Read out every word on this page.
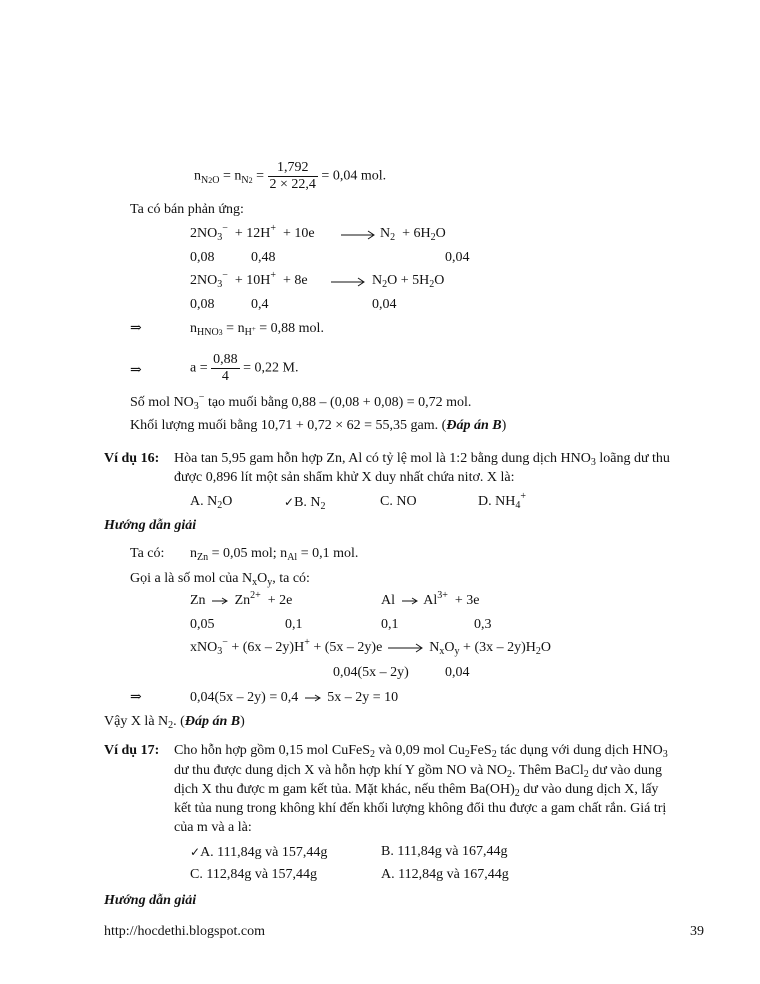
$n_{N2O} = n_{N2} = \frac{1,792}{2 \times 22,4} = 0,04$ mol.
Ta có bán phản ứng:
$2NO_3^- + 12H^+ + 10e \to N_2 + 6H_2O$
0,08	0,48	0,04
$2NO_3^- + 10H^+ + 8e \to N_2O + 5H_2O$
0,08	0,4	0,04
⇒	$n_{HNO3} = n_{H^+} = 0,88$ mol.
⇒	$a = \frac{0,88}{4} = 0,22$ M.
Số mol $NO_3^-$ tạo muối bằng 0,88 – (0,08 + 0,08) = 0,72 mol.
Khối lượng muối bằng 10,71 + 0,72 × 62 = 55,35 gam. (Đáp án B)
Ví dụ 16: Hòa tan 5,95 gam hỗn hợp Zn, Al có tỷ lệ mol là 1:2 bằng dung dịch $HNO_3$ loãng dư thu
được 0,896 lít một sản shẩm khử X duy nhất chứa nitơ. X là:
A. $N_2O$	✓B. $N_2$	C. NO	D. $NH_4^+$
Hướng dẫn giải
Ta có: $n_{Zn} = 0,05$ mol; $n_{Al} = 0,1$ mol.
Gọi a là số mol của $N_xO_y$, ta có:
$Zn \to Zn^{2+} + 2e$	$Al \to Al^{3+} + 3e$
0,05	0,1	0,1	0,3
$xNO_3^- + (6x - 2y)H^+ + (5x - 2y)e \to N_xO_y + (3x - 2y)H_2O$
0,04(5x – 2y)	0,04
⇒	0,04(5x – 2y) = 0,4 5x – 2y = 10
Vậy X là $N_2$. (Đáp án B)
Ví dụ 17: Cho hỗn hợp gồm 0,15 mol CuFeS$_2$ và 0,09 mol $Cu_2FeS_2$ tác dụng với dung dịch $HNO_3$
dư thu được dung dịch X và hỗn hợp khí Y gồm NO và $NO_2$. Thêm BaCl$_2$ dư vào dung
dịch X thu được m gam kết tủa. Mặt khác, nếu thêm $Ba(OH)_2$ dư vào dung dịch X, lấy
kết tủa nung trong không khí đến khối lượng không đổi thu được a gam chất rắn. Giá trị
của m và a là:
✓A. 111,84g và 157,44g	B. 111,84g và 167,44g
C. 112,84g và 157,44g	A. 112,84g và 167,44g
Hướng dẫn giải
http://hocdethi.blogspot.com	39
